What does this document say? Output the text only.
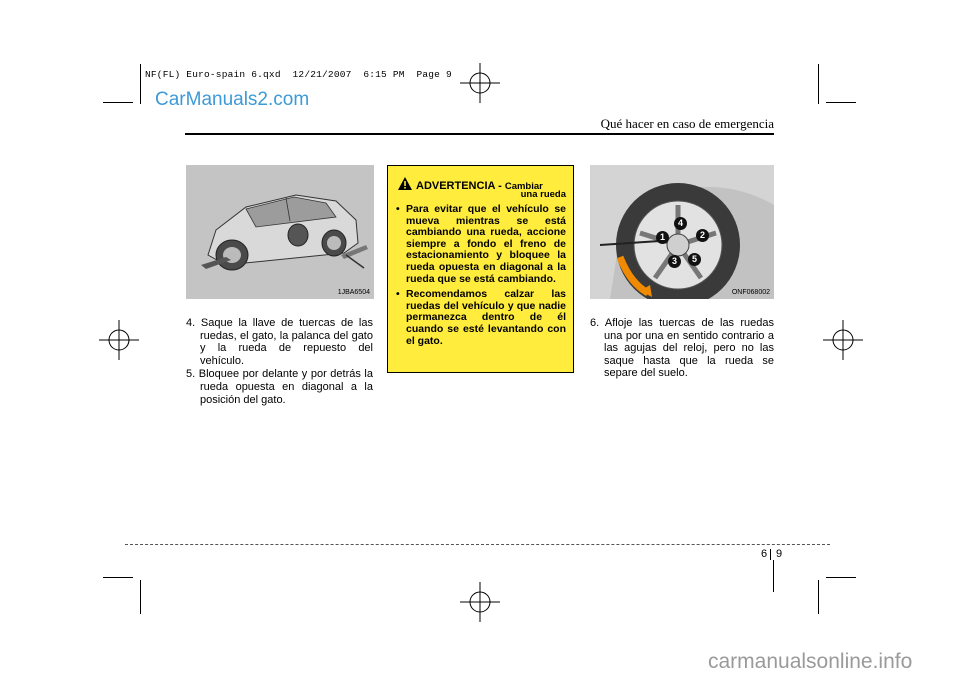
NF(FL) Euro-spain 6.qxd  12/21/2007  6:15 PM  Page 9
CarManuals2.com
Qué hacer en caso de emergencia
1JBA6504

4. Saque la llave de tuercas de las ruedas, el gato, la palanca del gato y la rueda de repuesto del vehículo.

5. Bloquee por delante y por detrás la rueda opuesta en diagonal a la posición del gato.

ADVERTENCIA - Cambiar
una rueda
• Para evitar que el vehículo se mueva mientras se está cambiando una rueda, accione siempre a fondo el freno de estacionamiento y bloquee la rueda opuesta en diagonal a la rueda que se está cambiando.
• Recomendamos calzar las ruedas del vehículo y que nadie permanezca dentro de él cuando se esté levantando con el gato.
1	2
3
4
5
ONF068002

6. Afloje las tuercas de las ruedas una por una en sentido contrario a las agujas del reloj, pero no las saque hasta que la rueda se separe del suelo.

6 9
carmanualsonline.info
